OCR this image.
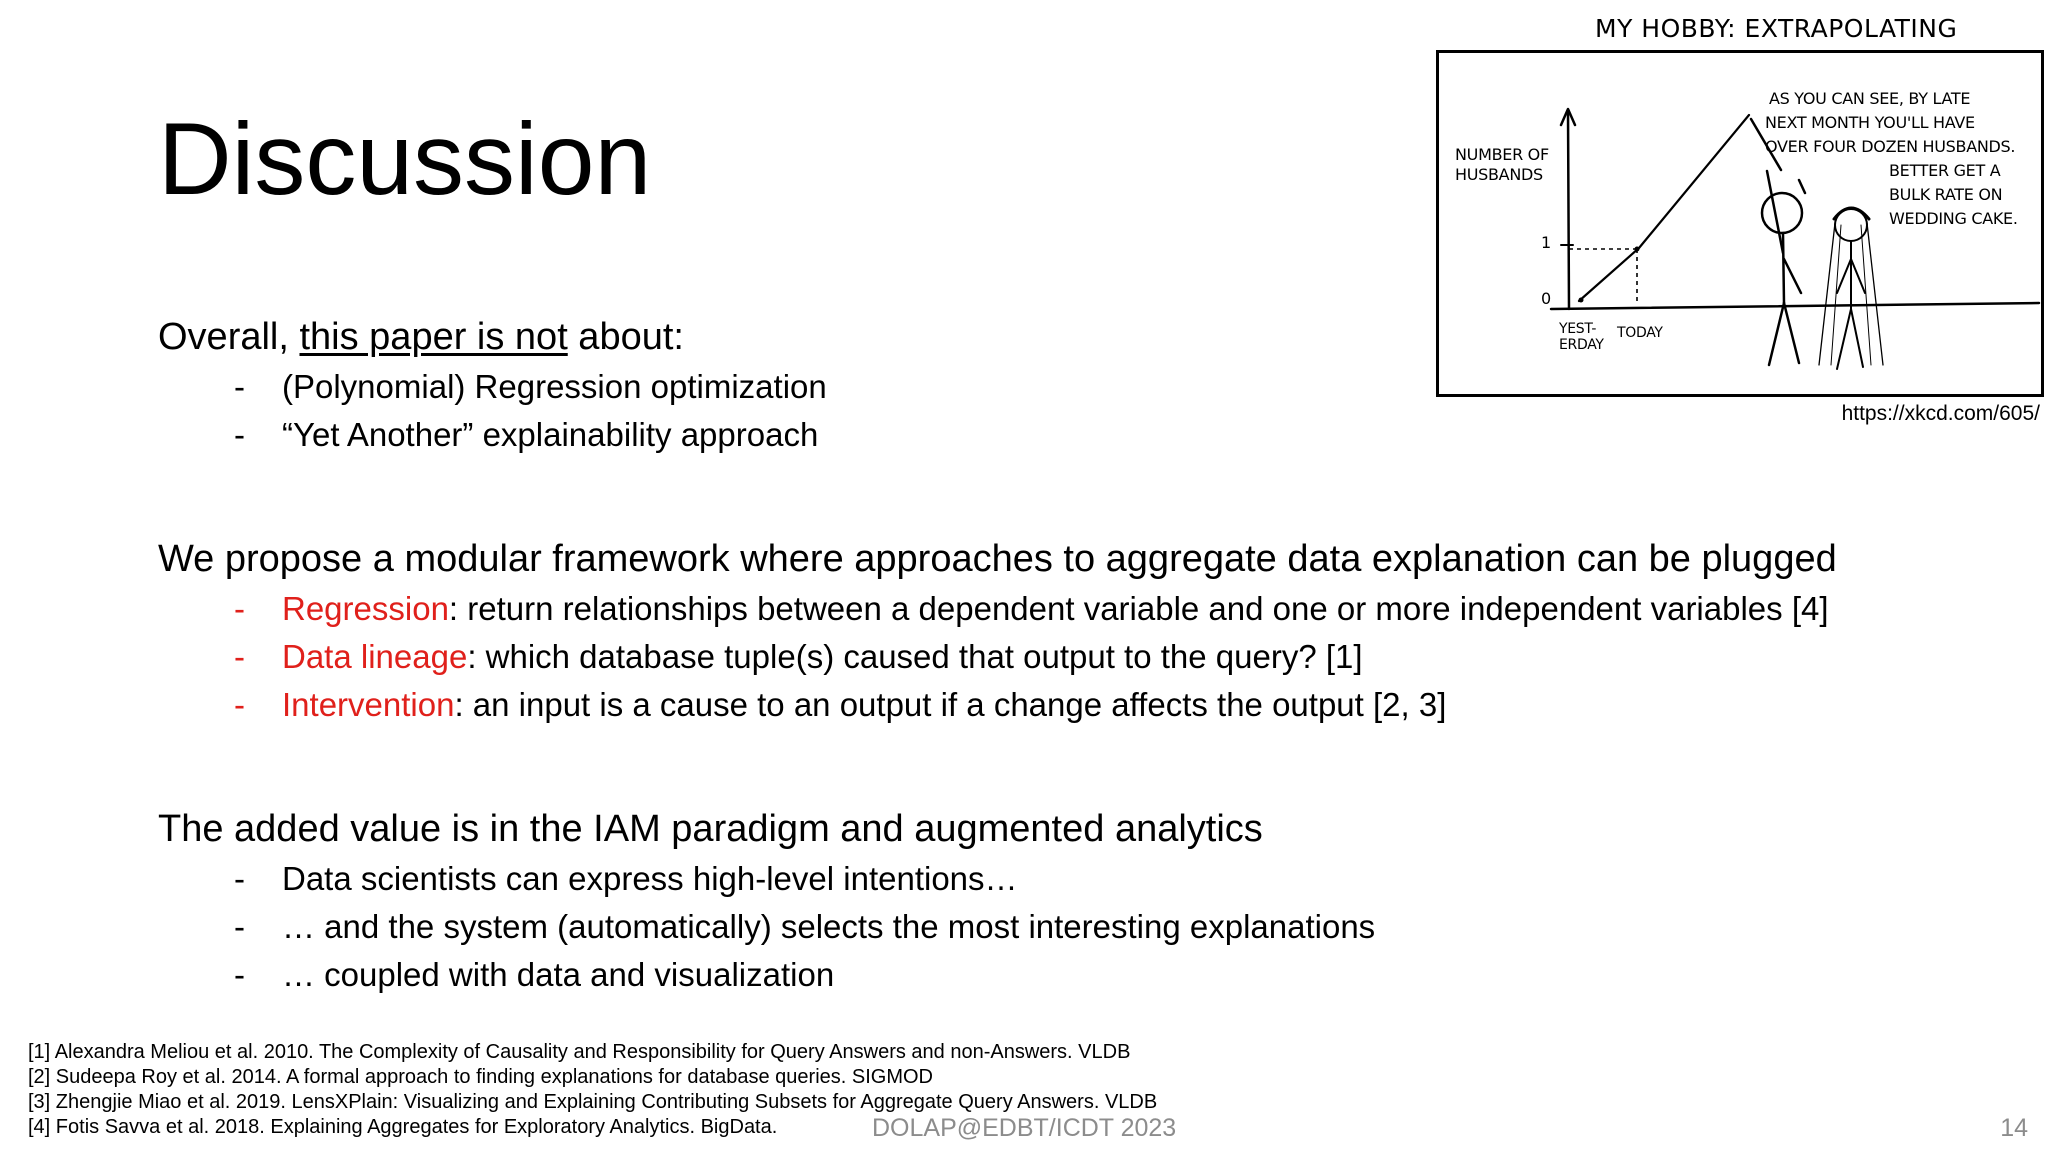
Discussion
Overall, this paper is not about:
- (Polynomial) Regression optimization
- “Yet Another” explainability approach
We propose a modular framework where approaches to aggregate data explanation can be plugged
- Regression: return relationships between a dependent variable and one or more independent variables [4]
- Data lineage: which database tuple(s) caused that output to the query? [1]
- Intervention: an input is a cause to an output if a change affects the output [2, 3]
The added value is in the IAM paradigm and augmented analytics
- Data scientists can express high-level intentions…
- … and the system (automatically) selects the most interesting explanations
- … coupled with data and visualization
[1] Alexandra Meliou et al. 2010. The Complexity of Causality and Responsibility for Query Answers and non-Answers. VLDB
[2] Sudeepa Roy et al. 2014. A formal approach to finding explanations for database queries. SIGMOD
[3] Zhengjie Miao et al. 2019. LensXPlain: Visualizing and Explaining Contributing Subsets for Aggregate Query Answers. VLDB
[4] Fotis Savva et al. 2018. Explaining Aggregates for Exploratory Analytics. BigData.	DOLAP@EDBT/ICDT 2023	14
MY HOBBY: EXTRAPOLATING
NUMBER OF
HUSBANDS
1
0
YEST-
ERDAY
TODAY
AS YOU CAN SEE, BY LATE
NEXT MONTH YOU'LL HAVE
OVER FOUR DOZEN HUSBANDS.
BETTER GET A
BULK RATE ON
WEDDING CAKE.
https://xkcd.com/605/
